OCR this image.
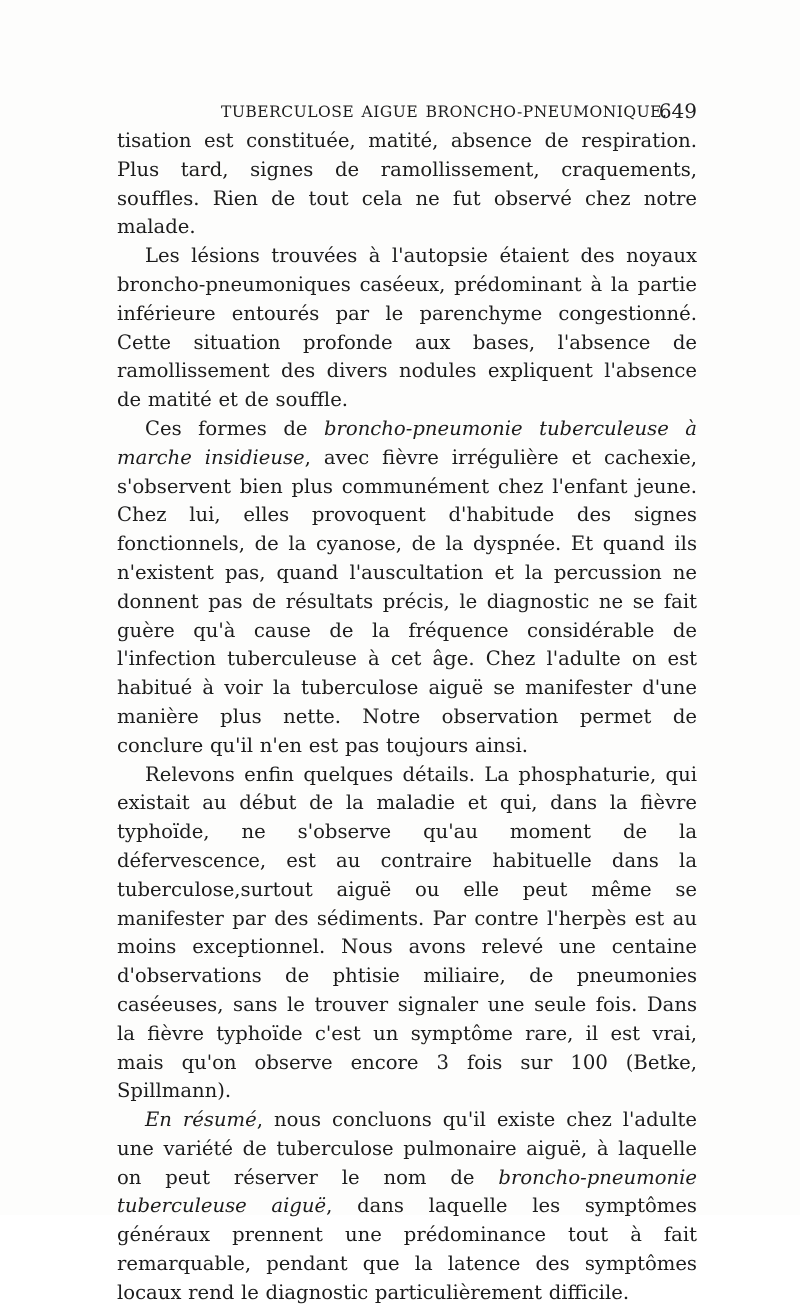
TUBERCULOSE AIGUE BRONCHO-PNEUMONIQUE.
649

tisation est constituée, matité, absence de respiration. Plus tard, signes de ramollissement, craquements, souffles. Rien de tout cela ne fut observé chez notre malade.

Les lésions trouvées à l'autopsie étaient des noyaux broncho-pneumoniques caséeux, prédominant à la partie inférieure entourés par le parenchyme congestionné. Cette situation profonde aux bases, l'absence de ramollissement des divers nodules expliquent l'absence de matité et de souffle.

Ces formes de broncho-pneumonie tuberculeuse à marche insidieuse, avec fièvre irrégulière et cachexie, s'observent bien plus communément chez l'enfant jeune. Chez lui, elles provoquent d'habitude des signes fonctionnels, de la cyanose, de la dyspnée. Et quand ils n'existent pas, quand l'auscultation et la percussion ne donnent pas de résultats précis, le diagnostic ne se fait guère qu'à cause de la fréquence considérable de l'infection tuberculeuse à cet âge. Chez l'adulte on est habitué à voir la tuberculose aiguë se manifester d'une manière plus nette. Notre observation permet de conclure qu'il n'en est pas toujours ainsi.

Relevons enfin quelques détails. La phosphaturie, qui existait au début de la maladie et qui, dans la fièvre typhoïde, ne s'observe qu'au moment de la défervescence, est au contraire habituelle dans la tuberculose,surtout aiguë ou elle peut même se manifester par des sédiments. Par contre l'herpès est au moins exceptionnel. Nous avons relevé une centaine d'observations de phtisie miliaire, de pneumonies caséeuses, sans le trouver signaler une seule fois. Dans la fièvre typhoïde c'est un symptôme rare, il est vrai, mais qu'on observe encore 3 fois sur 100 (Betke, Spillmann).

En résumé, nous concluons qu'il existe chez l'adulte une variété de tuberculose pulmonaire aiguë, à laquelle on peut réserver le nom de broncho-pneumonie tuberculeuse aiguë, dans laquelle les symptômes généraux prennent une prédominance tout à fait remarquable, pendant que la latence des symptômes locaux rend le diagnostic particulièrement difficile.
